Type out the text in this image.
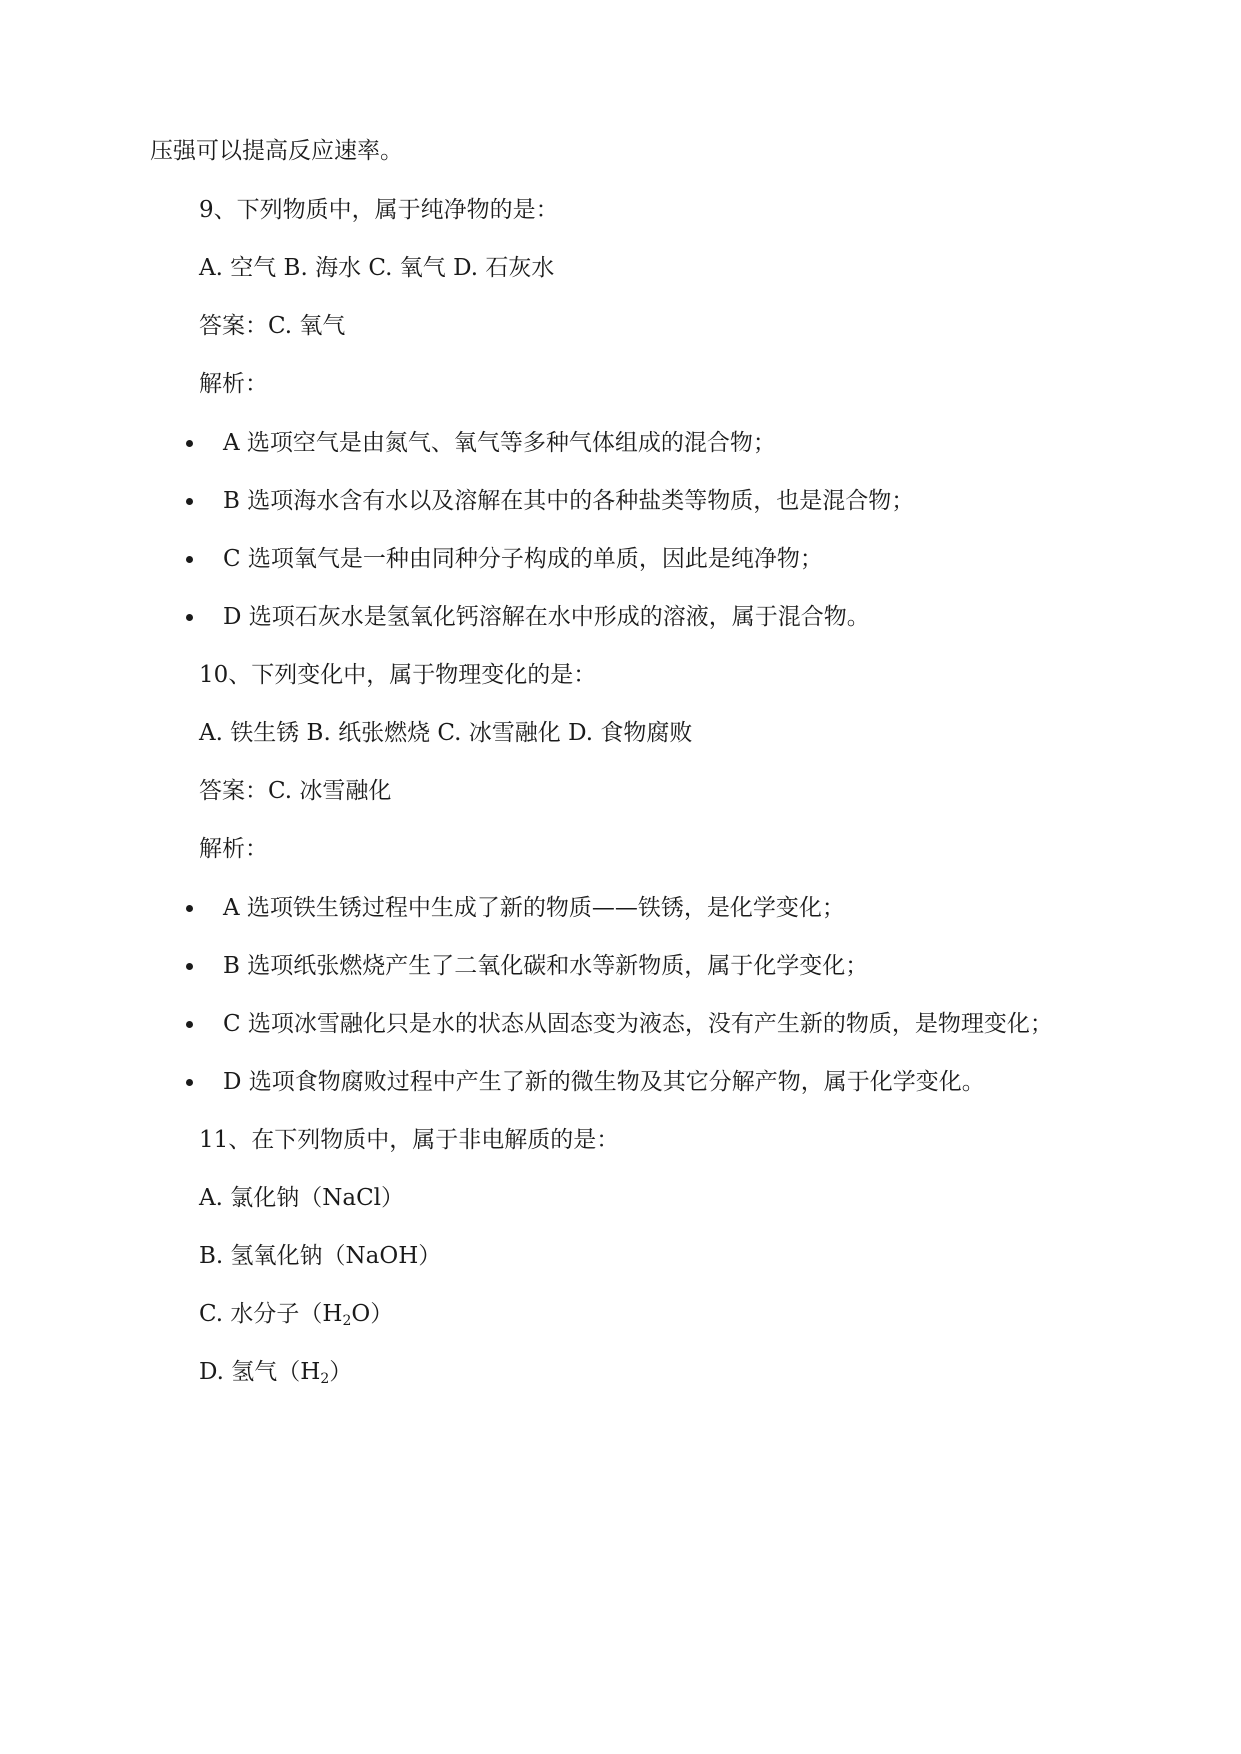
压强可以提高反应速率。
9、下列物质中，属于纯净物的是：
A. 空气 B. 海水 C. 氧气 D. 石灰水
答案：C. 氧气
解析：
A 选项空气是由氮气、氧气等多种气体组成的混合物；
B 选项海水含有水以及溶解在其中的各种盐类等物质，也是混合物；
C 选项氧气是一种由同种分子构成的单质，因此是纯净物；
D 选项石灰水是氢氧化钙溶解在水中形成的溶液，属于混合物。
10、下列变化中，属于物理变化的是：
A. 铁生锈 B. 纸张燃烧 C. 冰雪融化 D. 食物腐败
答案：C. 冰雪融化
解析：
A 选项铁生锈过程中生成了新的物质——铁锈，是化学变化；
B 选项纸张燃烧产生了二氧化碳和水等新物质，属于化学变化；
C 选项冰雪融化只是水的状态从固态变为液态，没有产生新的物质，是物理变化；
D 选项食物腐败过程中产生了新的微生物及其它分解产物，属于化学变化。
11、在下列物质中，属于非电解质的是：
A. 氯化钠（NaCl）
B. 氢氧化钠（NaOH）
C. 水分子$(H_2O)$
D. 氢气$(H_2)$
